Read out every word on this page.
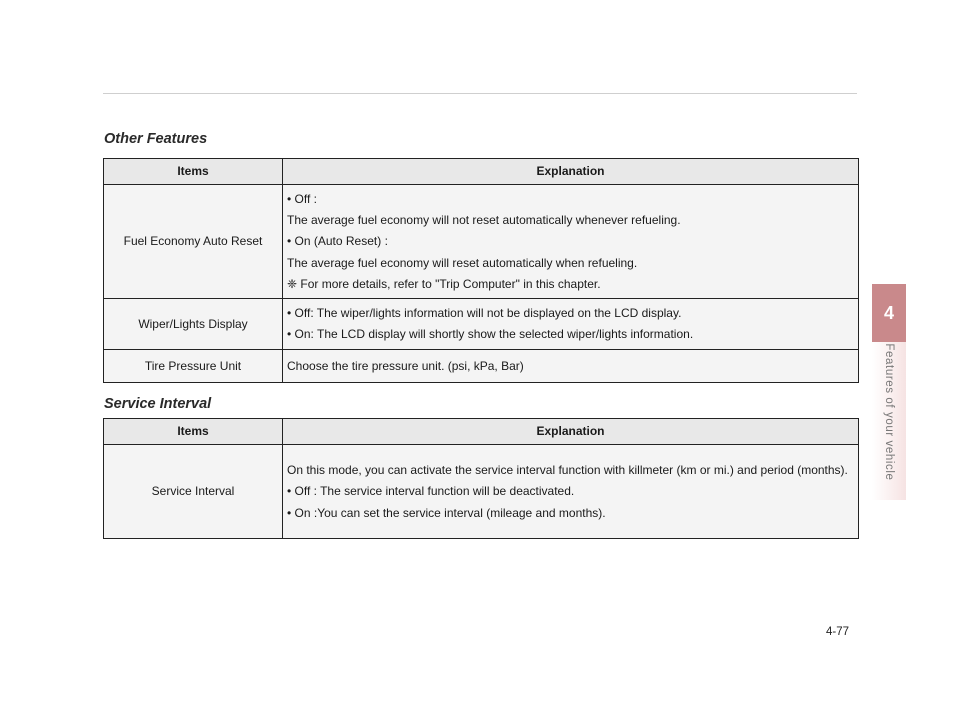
Other Features
Items	Explanation
Fuel Economy Auto Reset	• Off :

The average fuel economy will not reset automatically whenever refueling.

• On (Auto Reset) :

The average fuel economy will reset automatically when refueling.

❈ For more details, refer to "Trip Computer" in this chapter.

Wiper/Lights Display	• Off: The wiper/lights information will not be displayed on the LCD display.

• On: The LCD display will shortly show the selected wiper/lights information.

Tire Pressure Unit	Choose the tire pressure unit. (psi, kPa, Bar)

Service Interval
Items	Explanation
Service Interval	On this mode, you can activate the service interval function with killmeter (km or mi.) and period (months).

• Off : The service interval function will be deactivated.

• On :You can set the service interval (mileage and months).

4
Features of your vehicle
4-77
